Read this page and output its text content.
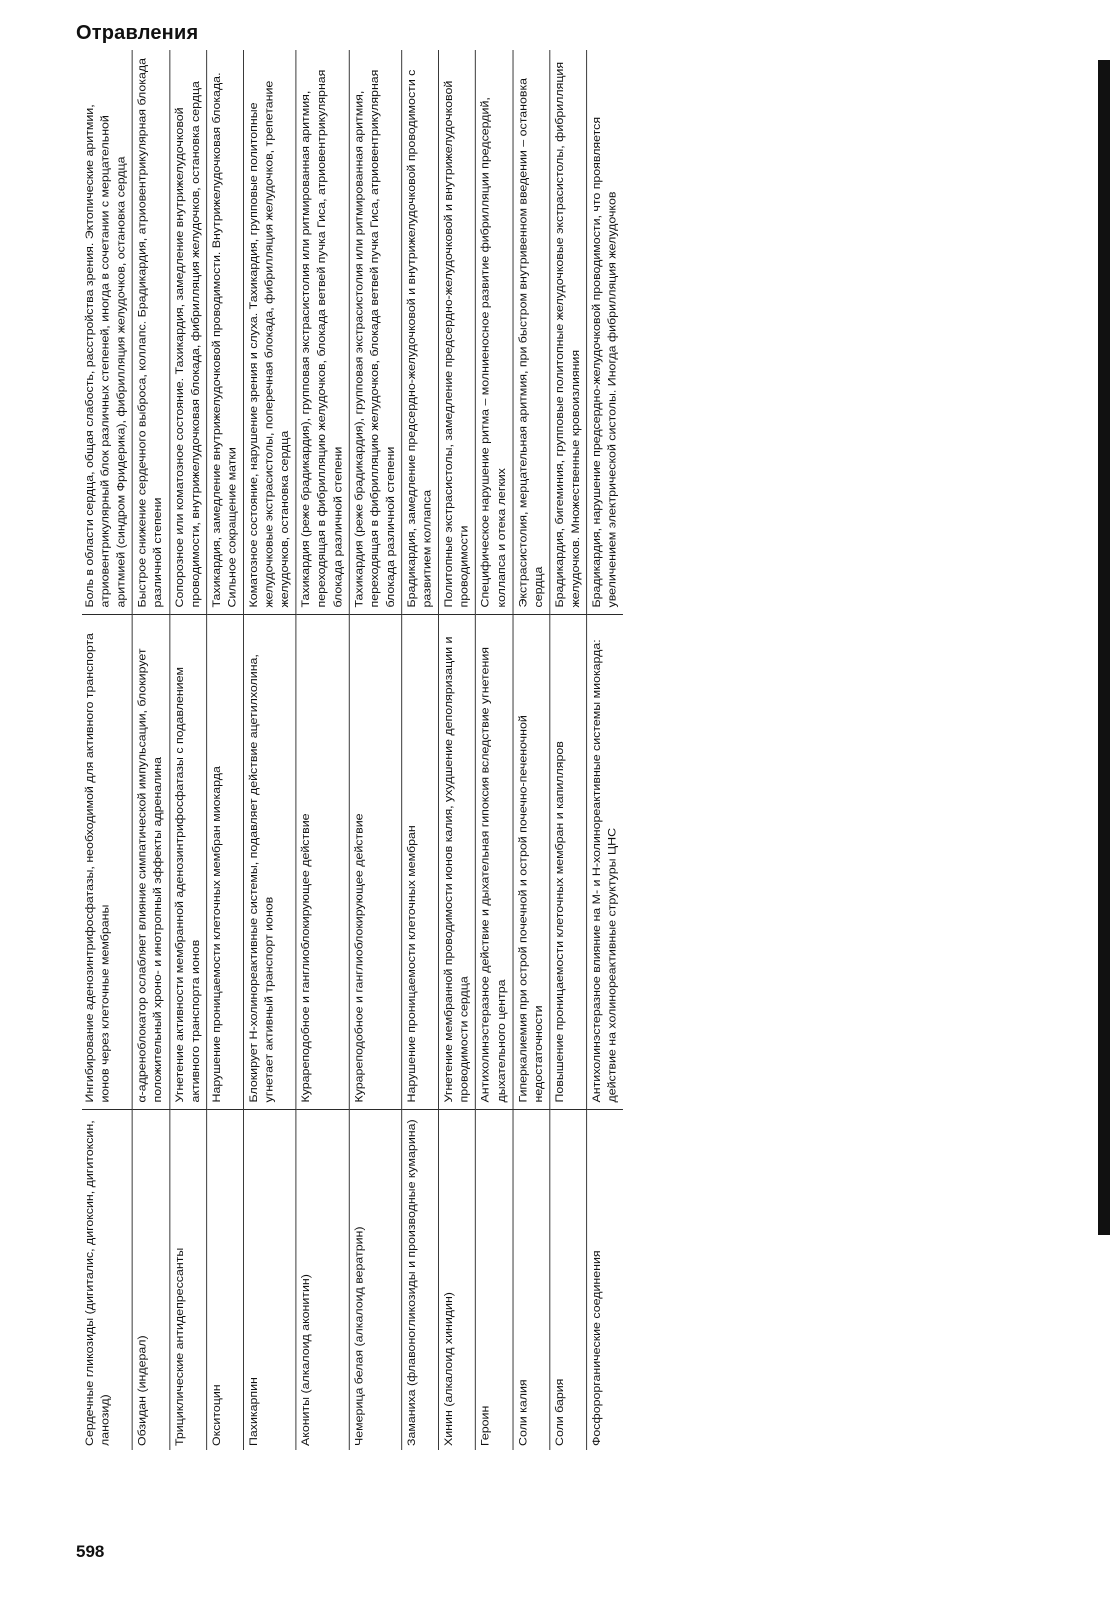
Отравления
Сердечные гликозиды (дигиталис, дигоксин, дигитоксин, ланозид)	Ингибирование аденозинтрифосфатазы, необходимой для активного транспорта ионов через клеточные мембраны	Боль в области сердца, общая слабость, расстройства зрения. Эктопические аритмии, атриовентрикулярный блок различных степеней, иногда в сочетании с мерцательной аритмией (синдром Фридерика), фибрилляция желудочков, остановка сердца
Обзидан (индерал)	α-адреноблокатор ослабляет влияние симпатической импульсации, блокирует положительный хроно- и инотропный эффекты адреналина	Быстрое снижение сердечного выброса, коллапс. Брадикардия, атриовентрикулярная блокада различной степени
Трициклические антидепрессанты	Угнетение активности мембранной аденозинтрифосфатазы с подавлением активного транспорта ионов	Сопорозное или коматозное состояние. Тахикардия, замедление внутрижелудочковой проводимости, внутрижелудочковая блокада, фибрилляция желудочков, остановка сердца
Окситоцин	Нарушение проницаемости клеточных мембран миокарда	Тахикардия, замедление внутрижелудочковой проводимости. Внутрижелудочковая блокада. Сильное сокращение матки
Пахикарпин	Блокирует Н-холинореактивные системы, подавляет действие ацетилхолина, угнетает активный транспорт ионов	Коматозное состояние, нарушение зрения и слуха. Тахикардия, групповые политопные желудочковые экстрасистолы, поперечная блокада, фибрилляция желудочков, трепетание желудочков, остановка сердца
Акониты (алкалоид аконитин)	Курареподобное и ганглиоблокирующее действие	Тахикардия (реже брадикардия), групповая экстрасистолия или ритмированная аритмия, переходящая в фибрилляцию желудочков, блокада ветвей пучка Гиса, атриовентрикулярная блокада различной степени
Чемерица белая (алкалоид вератрин)	Курареподобное и ганглиоблокирующее действие	Тахикардия (реже брадикардия), групповая экстрасистолия или ритмированная аритмия, переходящая в фибрилляцию желудочков, блокада ветвей пучка Гиса, атриовентрикулярная блокада различной степени
Заманиха (флавоногликозиды и производные кумарина)	Нарушение проницаемости клеточных мембран	Брадикардия, замедление предсердно-желудочковой и внутрижелудочковой проводимости с развитием коллапса
Хинин (алкалоид хинидин)	Угнетение мембранной проводимости ионов калия, ухудшение деполяризации и проводимости сердца	Политопные экстрасистолы, замедление предсердно-желудочковой и внутрижелудочковой проводимости
Героин	Антихолинэстеразное действие и дыхательная гипоксия вследствие угнетения дыхательного центра	Специфическое нарушение ритма – молниеносное развитие фибрилляции предсердий, коллапса и отека легких
Соли калия	Гиперкалиемия при острой почечной и острой почечно-печеночной недостаточности	Экстрасистолия, мерцательная аритмия, при быстром внутривенном введении – остановка сердца
Соли бария	Повышение проницаемости клеточных мембран и капилляров	Брадикардия, бигеминия, групповые политопные желудочковые экстрасистолы, фибрилляция желудочков. Множественные кровоизлияния
Фосфорорганические соединения	Антихолинэстеразное влияние на М- и Н-холинореактивные системы миокарда: действие на холинореактивные структуры ЦНС	Брадикардия, нарушение предсердно-желудочковой проводимости, что проявляется увеличением электрической систолы. Иногда фибрилляция желудочков
598
